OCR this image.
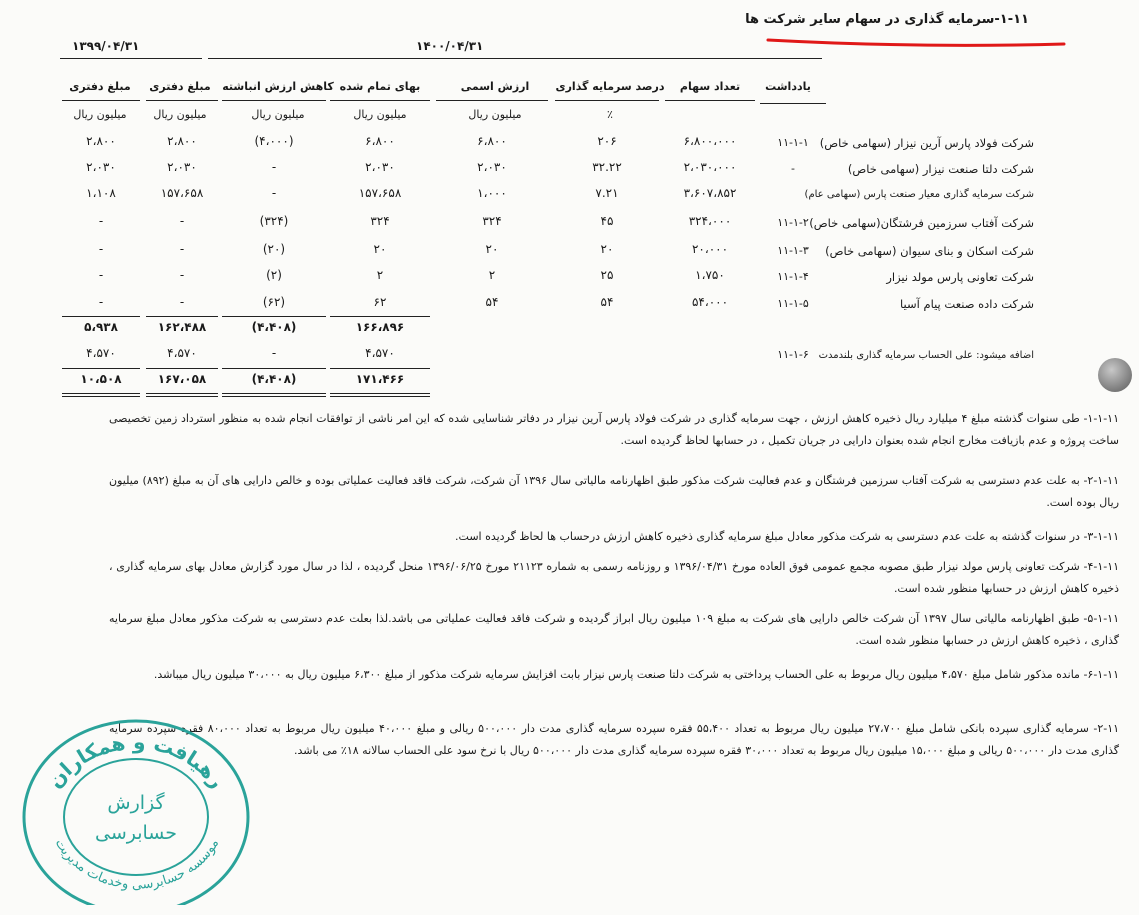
۱-۱۱-سرمایه گذاری در سهام سایر شرکت ها
۱۴۰۰/۰۴/۳۱
۱۳۹۹/۰۴/۳۱
یادداشت
تعداد سهام
درصد سرمایه گذاری
ارزش اسمی
بهای تمام شده
کاهش ارزش انباشته
مبلغ دفتری
مبلغ دفتری
میلیون ریال	٪
میلیون ریال
میلیون ریال
میلیون ریال
میلیون ریال
شرکت فولاد پارس آرین نیزار (سهامی خاص)
۱۱-۱-۱
۶،۸۰۰،۰۰۰
۲۰۶
۶،۸۰۰
۶،۸۰۰
(۴،۰۰۰)
۲،۸۰۰
۲،۸۰۰
شرکت دلتا صنعت نیزار (سهامی خاص)
-
۲،۰۳۰،۰۰۰
۳۲.۲۲
۲،۰۳۰
۲،۰۳۰
-
۲،۰۳۰
۲،۰۳۰
شرکت سرمایه گذاری معیار صنعت پارس (سهامی عام)
۳،۶۰۷،۸۵۲
۷.۲۱
۱،۰۰۰
۱۵۷،۶۵۸
-
۱۵۷،۶۵۸
۱،۱۰۸
شرکت آفتاب سرزمین فرشتگان(سهامی خاص)
۱۱-۱-۲
۳۲۴،۰۰۰
۴۵
۳۲۴
۳۲۴
(۳۲۴)
-
-
شرکت اسکان و بنای سیوان (سهامی خاص)
۱۱-۱-۳
۲۰،۰۰۰
۲۰
۲۰
۲۰
(۲۰)
-
-
شرکت تعاونی پارس مولد نیزار
۱۱-۱-۴
۱،۷۵۰
۲۵
۲
۲
(۲)
-
-
شرکت داده صنعت پیام آسیا
۱۱-۱-۵
۵۴،۰۰۰
۵۴
۵۴
۶۲
(۶۲)
-
-
۱۶۶،۸۹۶
(۴،۴۰۸)
۱۶۲،۴۸۸
۵،۹۳۸
اضافه میشود: علی الحساب سرمایه گذاری بلندمدت
۱۱-۱-۶
۴،۵۷۰
-
۴،۵۷۰
۴،۵۷۰
۱۷۱،۴۶۶
(۴،۴۰۸)
۱۶۷،۰۵۸
۱۰،۵۰۸
۱-۱-۱۱- طی سنوات گذشته مبلغ ۴ میلیارد ریال ذخیره کاهش ارزش ، جهت سرمایه گذاری در شرکت فولاد پارس آرین نیزار در دفاتر شناسایی شده که این امر ناشی از توافقات انجام شده به منظور استرداد زمین تخصیصی ساخت پروژه و عدم بازیافت مخارج انجام شده بعنوان دارایی در جریان تکمیل ، در حسابها لحاظ گردیده است.
۲-۱-۱۱- به علت عدم دسترسی به شرکت آفتاب سرزمین فرشتگان و عدم فعالیت شرکت مذکور طبق اظهارنامه مالیاتی سال ۱۳۹۶ آن شرکت، شرکت فاقد فعالیت عملیاتی بوده و خالص دارایی های آن به مبلغ (۸۹۲) میلیون ریال بوده است.
۳-۱-۱۱- در سنوات گذشته به علت عدم دسترسی به شرکت مذکور معادل مبلغ سرمایه گذاری ذخیره کاهش ارزش درحساب ها لحاظ گردیده است.
۴-۱-۱۱- شرکت تعاونی پارس مولد نیزار طبق مصوبه مجمع عمومی فوق العاده مورخ ۱۳۹۶/۰۴/۳۱ و روزنامه رسمی به شماره ۲۱۱۲۳ مورخ ۱۳۹۶/۰۶/۲۵ منحل گردیده ، لذا در سال مورد گزارش معادل بهای سرمایه گذاری ، ذخیره کاهش ارزش در حسابها منظور شده است.
۵-۱-۱۱- طبق اظهارنامه مالیاتی سال ۱۳۹۷ آن شرکت خالص دارایی های شرکت به مبلغ ۱۰۹ میلیون ریال ابراز گردیده و شرکت فاقد فعالیت عملیاتی می باشد.لذا بعلت عدم دسترسی به شرکت مذکور معادل مبلغ سرمایه گذاری ، ذخیره کاهش ارزش در حسابها منظور شده است.
۶-۱-۱۱- مانده مذکور شامل مبلغ ۴،۵۷۰ میلیون ریال مربوط به علی الحساب پرداختی به شرکت دلتا صنعت پارس نیزار بابت افزایش سرمایه شرکت مذکور از مبلغ ۶،۳۰۰ میلیون ریال به ۳۰،۰۰۰ میلیون ریال میباشد.
۲-۱۱- سرمایه گذاری سپرده بانکی شامل مبلغ ۲۷،۷۰۰ میلیون ریال مربوط به تعداد ۵۵،۴۰۰ فقره سپرده سرمایه گذاری مدت دار ۵۰۰،۰۰۰ ریالی و مبلغ ۴۰،۰۰۰ میلیون ریال مربوط به تعداد ۸۰،۰۰۰ فقره سپرده سرمایه گذاری مدت دار ۵۰۰،۰۰۰ ریالی و مبلغ ۱۵،۰۰۰ میلیون ریال مربوط به تعداد ۳۰،۰۰۰ فقره سپرده سرمایه گذاری مدت دار ۵۰۰،۰۰۰ ریال با نرخ سود علی الحساب سالانه ۱۸٪ می باشد.
رهیافت و همکاران
موسسه حسابرسی وخدمات مدیریت
گزارش
حسابرسی
